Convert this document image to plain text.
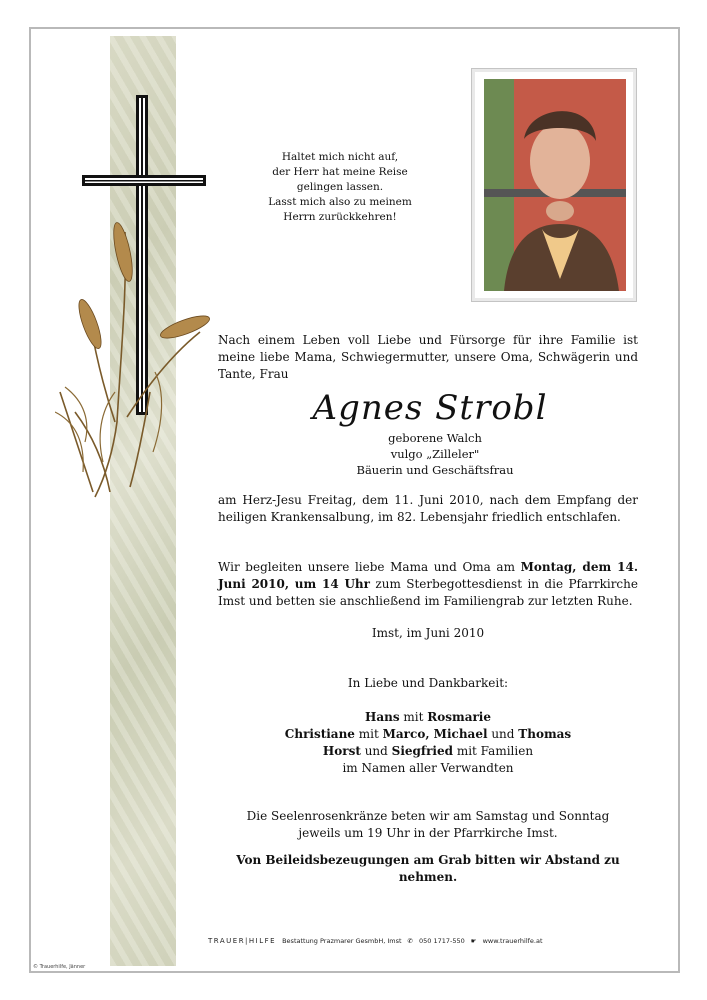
Haltet mich nicht auf,
der Herr hat meine Reise
gelingen lassen.
Lasst mich also zu meinem
Herrn zurückkehren!
Nach einem Leben voll Liebe und Fürsorge für ihre Familie ist meine liebe Mama, Schwiegermutter, unsere Oma, Schwägerin und Tante, Frau
Agnes Strobl
geborene Walch
vulgo „Zilleler"
Bäuerin und Geschäftsfrau
am Herz-Jesu Freitag, dem 11. Juni 2010, nach dem Empfang der heiligen Krankensalbung, im 82. Lebensjahr friedlich entschlafen.
Wir begleiten unsere liebe Mama und Oma am Montag, dem 14. Juni 2010, um 14 Uhr zum Sterbegottesdienst in die Pfarrkirche Imst und betten sie anschließend im Familiengrab zur letzten Ruhe.
Imst, im Juni 2010
In Liebe und Dankbarkeit:
Hans mit Rosmarie
Christiane mit Marco, Michael und Thomas
Horst und Siegfried mit Familien
im Namen aller Verwandten
Die Seelenrosenkränze beten wir am Samstag und Sonntag
jeweils um 19 Uhr in der Pfarrkirche Imst.
Von Beileidsbezeugungen am Grab bitten wir Abstand zu nehmen.
TRAUER|HILFE Bestattung Prazmarer GesmbH, Imst ✆ 050 1717-550 ☛ www.trauerhilfe.at
© Trauerhilfe, Jänner
